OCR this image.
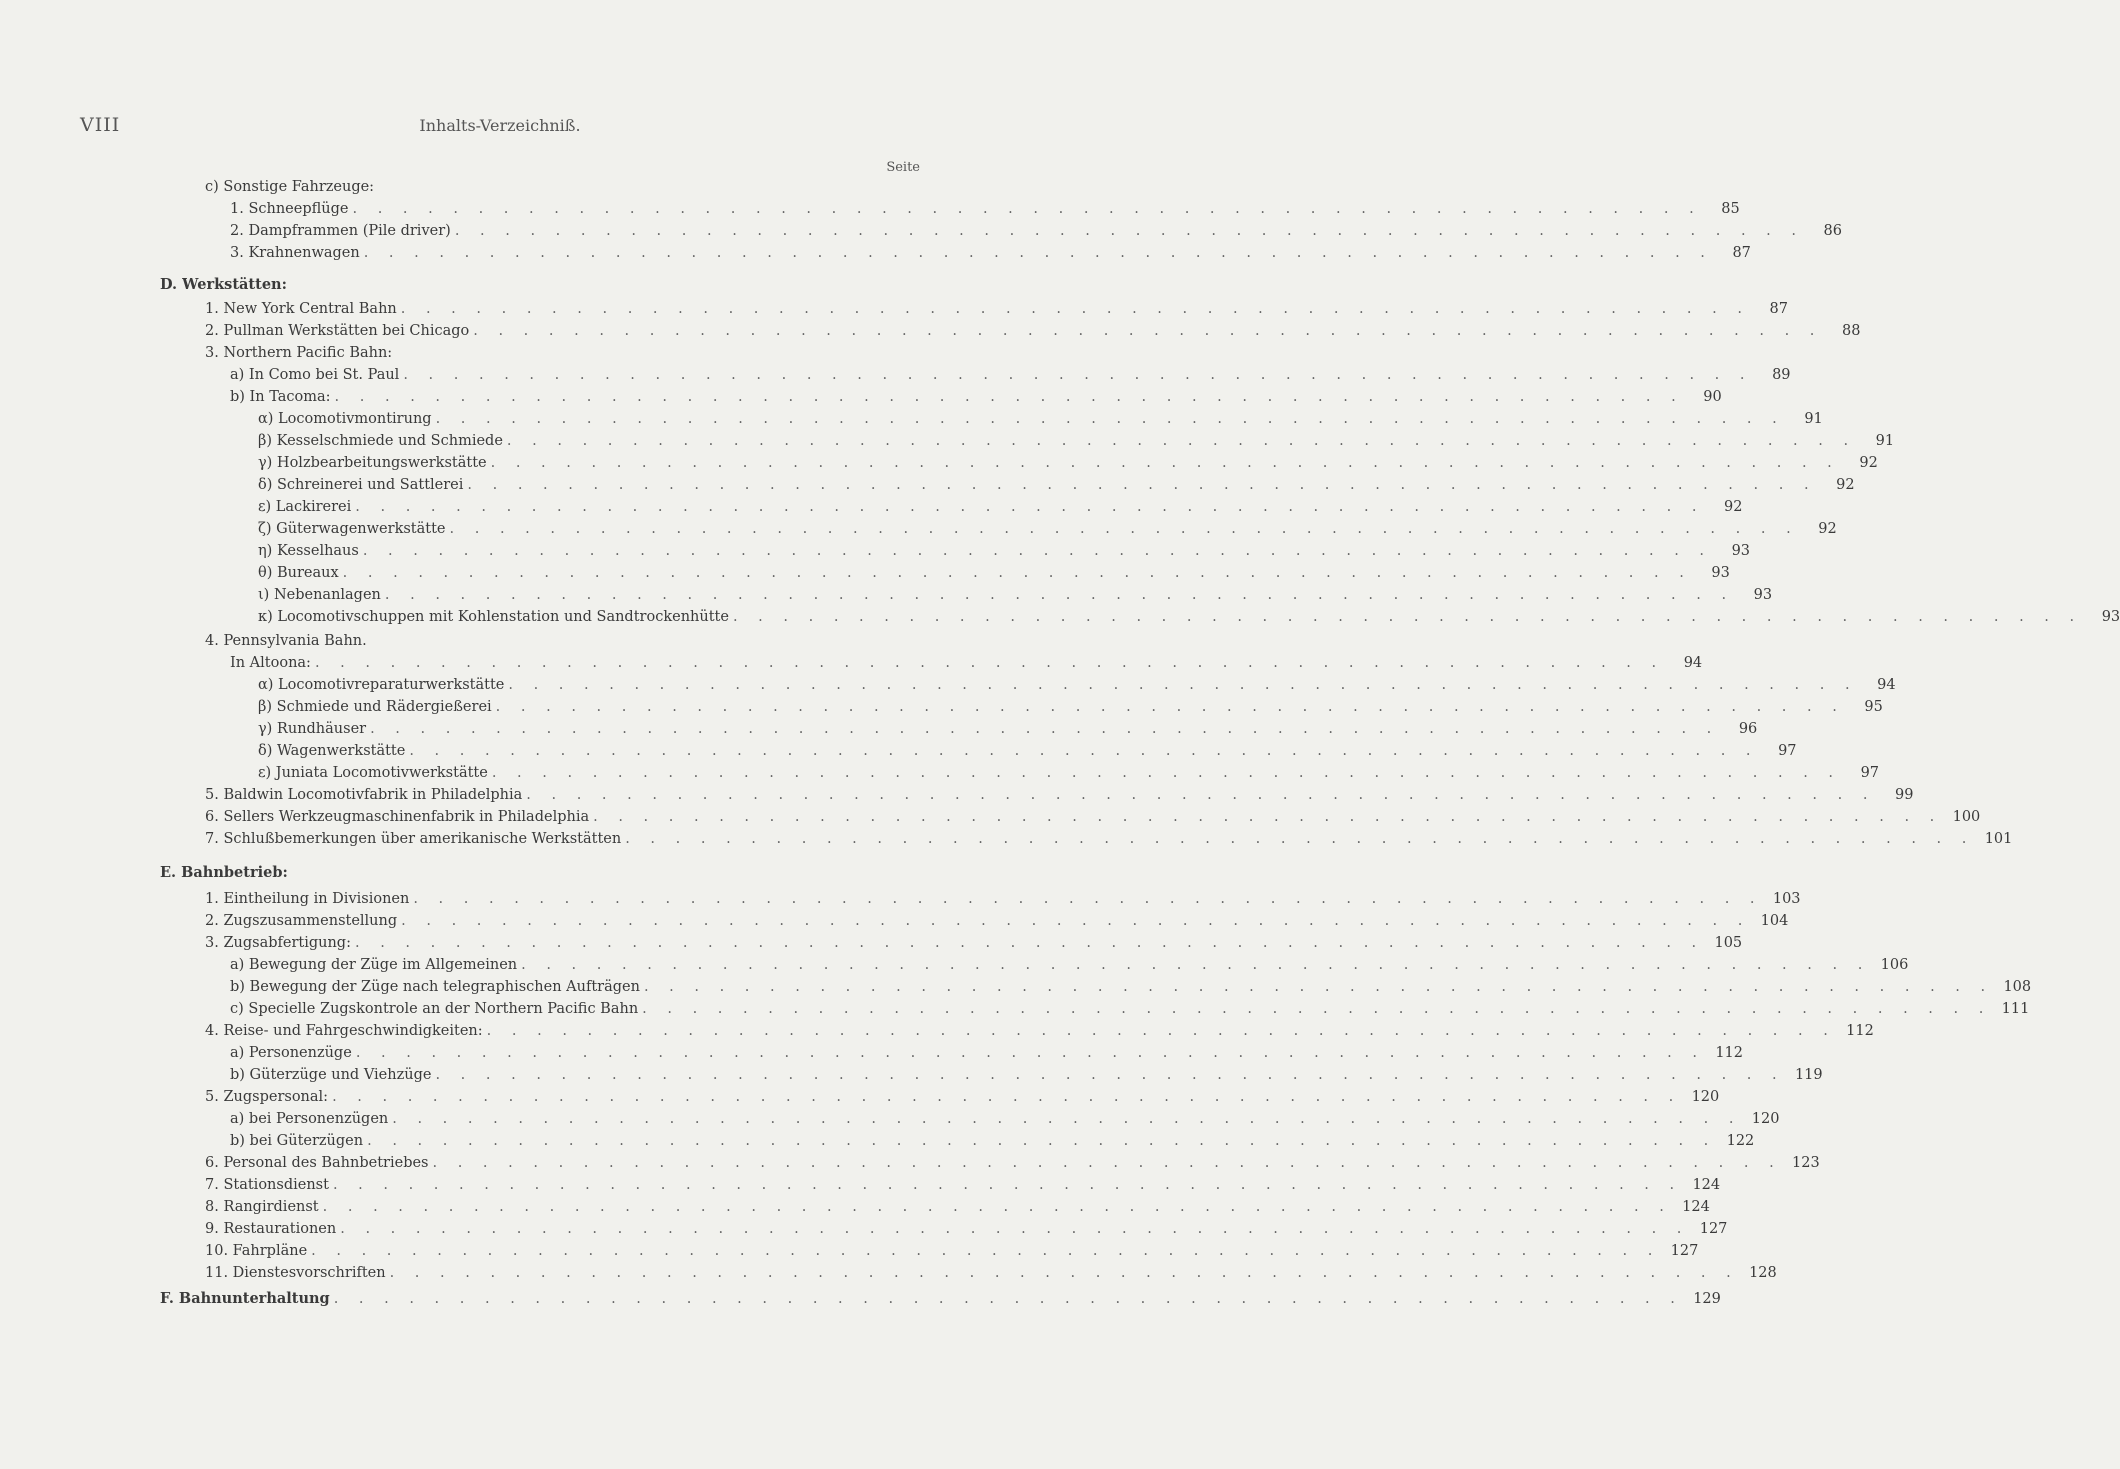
VIII	Inhalts-Verzeichniß.
Seite
c) Sonstige Fahrzeuge:
1. Schneepflüge . . . . . . . . . . . . . . . . . . . . . . . . . . . . . . . . . . . . . . . . . . . . . . . . . . . . . .	85
2. Dampframmen (Pile driver) . . . . . . . . . . . . . . . . . . . . . . . . . . . . . . . . . . . . . . . . . . . . . . . . . . . . . .	86
3. Krahnenwagen . . . . . . . . . . . . . . . . . . . . . . . . . . . . . . . . . . . . . . . . . . . . . . . . . . . . . .	87
D. Werkstätten:
1. New York Central Bahn . . . . . . . . . . . . . . . . . . . . . . . . . . . . . . . . . . . . . . . . . . . . . . . . . . . . . .	87
2. Pullman Werkstätten bei Chicago . . . . . . . . . . . . . . . . . . . . . . . . . . . . . . . . . . . . . . . . . . . . . . . . . . . . . .	88
3. Northern Pacific Bahn:
a) In Como bei St. Paul . . . . . . . . . . . . . . . . . . . . . . . . . . . . . . . . . . . . . . . . . . . . . . . . . . . . . .	89
b) In Tacoma: . . . . . . . . . . . . . . . . . . . . . . . . . . . . . . . . . . . . . . . . . . . . . . . . . . . . . .	90
α) Locomotivmontirung . . . . . . . . . . . . . . . . . . . . . . . . . . . . . . . . . . . . . . . . . . . . . . . . . . . . . .	91
β) Kesselschmiede und Schmiede . . . . . . . . . . . . . . . . . . . . . . . . . . . . . . . . . . . . . . . . . . . . . . . . . . . . . .	91
γ) Holzbearbeitungswerkstätte . . . . . . . . . . . . . . . . . . . . . . . . . . . . . . . . . . . . . . . . . . . . . . . . . . . . . .	92
δ) Schreinerei und Sattlerei . . . . . . . . . . . . . . . . . . . . . . . . . . . . . . . . . . . . . . . . . . . . . . . . . . . . . .	92
ε) Lackirerei . . . . . . . . . . . . . . . . . . . . . . . . . . . . . . . . . . . . . . . . . . . . . . . . . . . . . .	92
ζ) Güterwagenwerkstätte . . . . . . . . . . . . . . . . . . . . . . . . . . . . . . . . . . . . . . . . . . . . . . . . . . . . . .	92
η) Kesselhaus . . . . . . . . . . . . . . . . . . . . . . . . . . . . . . . . . . . . . . . . . . . . . . . . . . . . . .	93
θ) Bureaux . . . . . . . . . . . . . . . . . . . . . . . . . . . . . . . . . . . . . . . . . . . . . . . . . . . . . .	93
ι) Nebenanlagen . . . . . . . . . . . . . . . . . . . . . . . . . . . . . . . . . . . . . . . . . . . . . . . . . . . . . .	93
κ) Locomotivschuppen mit Kohlenstation und Sandtrockenhütte . . . . . . . . . . . . . . . . . . . . . . . . . . . . . . . . . . . . . . . . . . . . . . . . . . . . . .	93
4. Pennsylvania Bahn.
In Altoona: . . . . . . . . . . . . . . . . . . . . . . . . . . . . . . . . . . . . . . . . . . . . . . . . . . . . . .	94
α) Locomotivreparaturwerkstätte . . . . . . . . . . . . . . . . . . . . . . . . . . . . . . . . . . . . . . . . . . . . . . . . . . . . . .	94
β) Schmiede und Rädergießerei . . . . . . . . . . . . . . . . . . . . . . . . . . . . . . . . . . . . . . . . . . . . . . . . . . . . . .	95
γ) Rundhäuser . . . . . . . . . . . . . . . . . . . . . . . . . . . . . . . . . . . . . . . . . . . . . . . . . . . . . .	96
δ) Wagenwerkstätte . . . . . . . . . . . . . . . . . . . . . . . . . . . . . . . . . . . . . . . . . . . . . . . . . . . . . .	97
ε) Juniata Locomotivwerkstätte . . . . . . . . . . . . . . . . . . . . . . . . . . . . . . . . . . . . . . . . . . . . . . . . . . . . . .	97
5. Baldwin Locomotivfabrik in Philadelphia . . . . . . . . . . . . . . . . . . . . . . . . . . . . . . . . . . . . . . . . . . . . . . . . . . . . . .	99
6. Sellers Werkzeugmaschinenfabrik in Philadelphia . . . . . . . . . . . . . . . . . . . . . . . . . . . . . . . . . . . . . . . . . . . . . . . . . . . . . . 100
7. Schlußbemerkungen über amerikanische Werkstätten . . . . . . . . . . . . . . . . . . . . . . . . . . . . . . . . . . . . . . . . . . . . . . . . . . . . . . 101
E. Bahnbetrieb:
1. Eintheilung in Divisionen . . . . . . . . . . . . . . . . . . . . . . . . . . . . . . . . . . . . . . . . . . . . . . . . . . . . . . 103
2. Zugszusammenstellung . . . . . . . . . . . . . . . . . . . . . . . . . . . . . . . . . . . . . . . . . . . . . . . . . . . . . . 104
3. Zugsabfertigung: . . . . . . . . . . . . . . . . . . . . . . . . . . . . . . . . . . . . . . . . . . . . . . . . . . . . . . 105
a) Bewegung der Züge im Allgemeinen . . . . . . . . . . . . . . . . . . . . . . . . . . . . . . . . . . . . . . . . . . . . . . . . . . . . . . 106
b) Bewegung der Züge nach telegraphischen Aufträgen . . . . . . . . . . . . . . . . . . . . . . . . . . . . . . . . . . . . . . . . . . . . . . . . . . . . . . 108
c) Specielle Zugskontrole an der Northern Pacific Bahn . . . . . . . . . . . . . . . . . . . . . . . . . . . . . . . . . . . . . . . . . . . . . . . . . . . . . . 111
4. Reise- und Fahrgeschwindigkeiten: . . . . . . . . . . . . . . . . . . . . . . . . . . . . . . . . . . . . . . . . . . . . . . . . . . . . . . 112
a) Personenzüge . . . . . . . . . . . . . . . . . . . . . . . . . . . . . . . . . . . . . . . . . . . . . . . . . . . . . . 112
b) Güterzüge und Viehzüge . . . . . . . . . . . . . . . . . . . . . . . . . . . . . . . . . . . . . . . . . . . . . . . . . . . . . . 119
5. Zugspersonal: . . . . . . . . . . . . . . . . . . . . . . . . . . . . . . . . . . . . . . . . . . . . . . . . . . . . . . 120
a) bei Personenzügen . . . . . . . . . . . . . . . . . . . . . . . . . . . . . . . . . . . . . . . . . . . . . . . . . . . . . . 120
b) bei Güterzügen . . . . . . . . . . . . . . . . . . . . . . . . . . . . . . . . . . . . . . . . . . . . . . . . . . . . . . 122
6. Personal des Bahnbetriebes . . . . . . . . . . . . . . . . . . . . . . . . . . . . . . . . . . . . . . . . . . . . . . . . . . . . . . 123
7. Stationsdienst . . . . . . . . . . . . . . . . . . . . . . . . . . . . . . . . . . . . . . . . . . . . . . . . . . . . . . 124
8. Rangirdienst . . . . . . . . . . . . . . . . . . . . . . . . . . . . . . . . . . . . . . . . . . . . . . . . . . . . . . 124
9. Restaurationen . . . . . . . . . . . . . . . . . . . . . . . . . . . . . . . . . . . . . . . . . . . . . . . . . . . . . . 127
10. Fahrpläne . . . . . . . . . . . . . . . . . . . . . . . . . . . . . . . . . . . . . . . . . . . . . . . . . . . . . . 127
11. Dienstesvorschriften . . . . . . . . . . . . . . . . . . . . . . . . . . . . . . . . . . . . . . . . . . . . . . . . . . . . . . 128
F. Bahnunterhaltung . . . . . . . . . . . . . . . . . . . . . . . . . . . . . . . . . . . . . . . . . . . . . . . . . . . . . . 129
